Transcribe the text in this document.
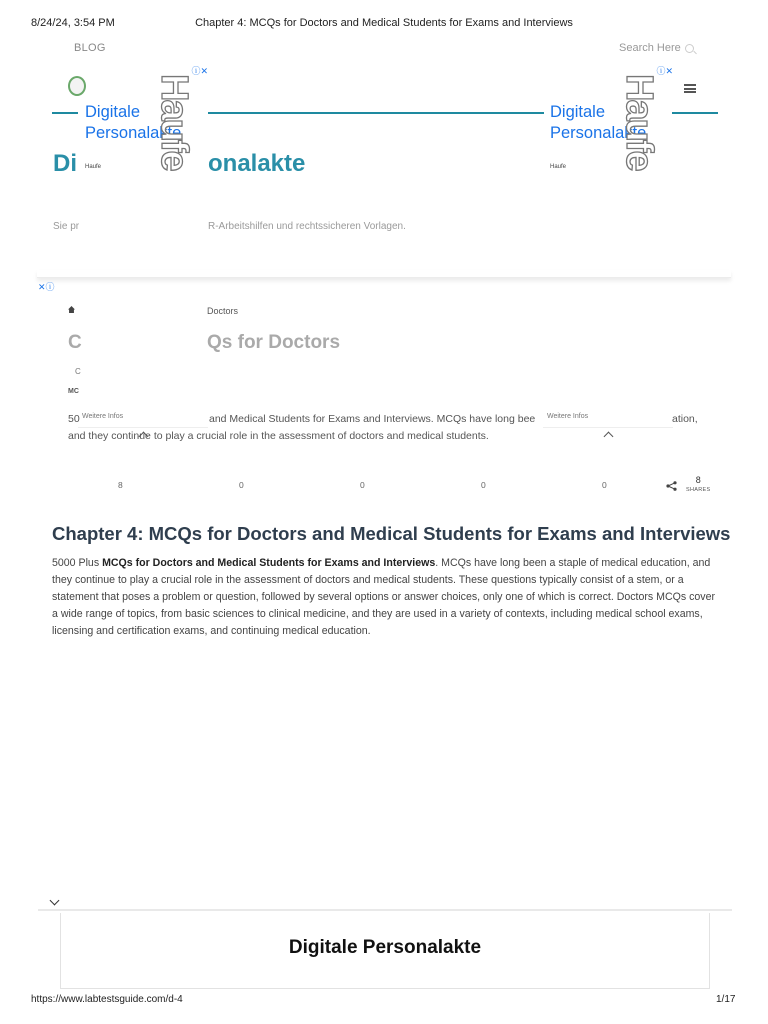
8/24/24, 3:54 PM	Chapter 4: MCQs for Doctors and Medical Students for Exams and Interviews
BLOG	Search Here
Di	onalakte
Sie pr	R-Arbeitshilfen und rechtssicheren Vorlagen.
✕ⓘ
ⓘ✕
Digitale
Personalakte
Haufe Haufe
ⓘ✕
Digitale
Personalakte
Haufe Haufe
Doctors
C	Qs for Doctors
C
MC
50	and Medical Students for Exams and Interviews. MCQs have long bee	ation,
and they continue to play a crucial role in the assessment of doctors and medical students.
Weitere Infos	Weitere Infos
8	0	0	0	0	8
SHARES
Chapter 4: MCQs for Doctors and Medical Students for Exams and Interviews

5000 Plus MCQs for Doctors and Medical Students for Exams and Interviews. MCQs have long been a staple of medical education, and they continue to play a crucial role in the assessment of doctors and medical students. These questions typically consist of a stem, or a statement that poses a problem or question, followed by several options or answer choices, only one of which is correct. Doctors MCQs cover a wide range of topics, from basic sciences to clinical medicine, and they are used in a variety of contexts, including medical school exams, licensing and certification exams, and continuing medical education.

Digitale Personalakte
https://www.labtestsguide.com/d-4	1/17
